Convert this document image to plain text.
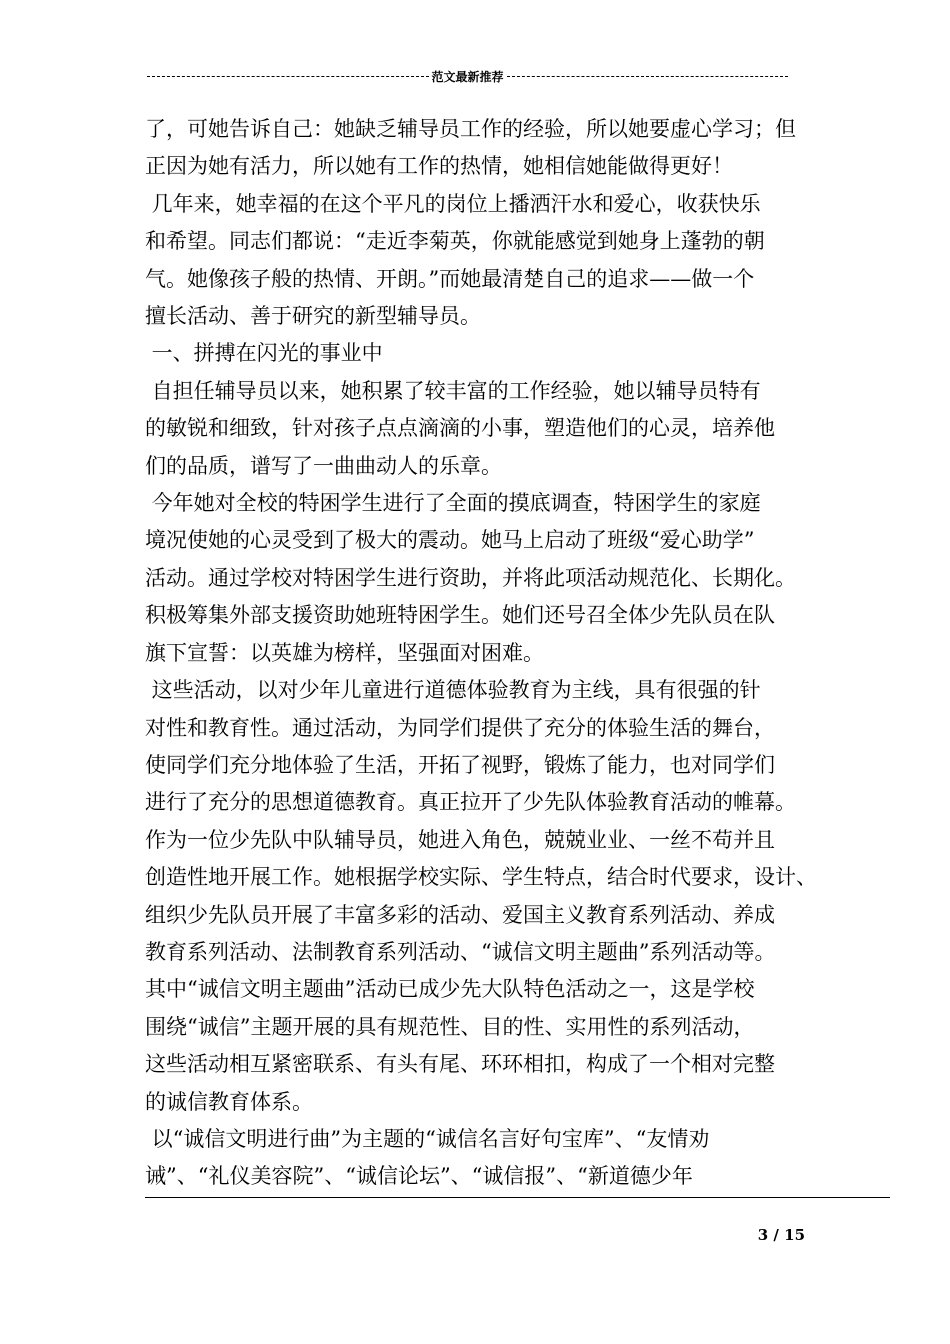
范文最新推荐

了，可她告诉自己：她缺乏辅导员工作的经验，所以她要虚心学习；但

正因为她有活力，所以她有工作的热情，她相信她能做得更好！

几年来，她幸福的在这个平凡的岗位上播洒汗水和爱心，收获快乐

和希望。同志们都说：“走近李菊英，你就能感觉到她身上蓬勃的朝

气。她像孩子般的热情、开朗。”而她最清楚自己的追求——做一个

擅长活动、善于研究的新型辅导员。

一、拼搏在闪光的事业中

自担任辅导员以来，她积累了较丰富的工作经验，她以辅导员特有

的敏锐和细致，针对孩子点点滴滴的小事，塑造他们的心灵，培养他

们的品质，谱写了一曲曲动人的乐章。

今年她对全校的特困学生进行了全面的摸底调查，特困学生的家庭

境况使她的心灵受到了极大的震动。她马上启动了班级“爱心助学”

活动。通过学校对特困学生进行资助，并将此项活动规范化、长期化。

积极筹集外部支援资助她班特困学生。她们还号召全体少先队员在队

旗下宣誓：以英雄为榜样，坚强面对困难。

这些活动，以对少年儿童进行道德体验教育为主线，具有很强的针

对性和教育性。通过活动，为同学们提供了充分的体验生活的舞台，

使同学们充分地体验了生活，开拓了视野，锻炼了能力，也对同学们

进行了充分的思想道德教育。真正拉开了少先队体验教育活动的帷幕。

作为一位少先队中队辅导员，她进入角色，兢兢业业、一丝不苟并且

创造性地开展工作。她根据学校实际、学生特点，结合时代要求，设计、

组织少先队员开展了丰富多彩的活动、爱国主义教育系列活动、养成

教育系列活动、法制教育系列活动、“诚信文明主题曲”系列活动等。

其中“诚信文明主题曲”活动已成少先大队特色活动之一，这是学校

围绕“诚信”主题开展的具有规范性、目的性、实用性的系列活动，

这些活动相互紧密联系、有头有尾、环环相扣，构成了一个相对完整

的诚信教育体系。

以“诚信文明进行曲”为主题的“诚信名言好句宝库”、“友情劝

诫”、“礼仪美容院”、“诚信论坛”、“诚信报”、“新道德少年

3 / 15
